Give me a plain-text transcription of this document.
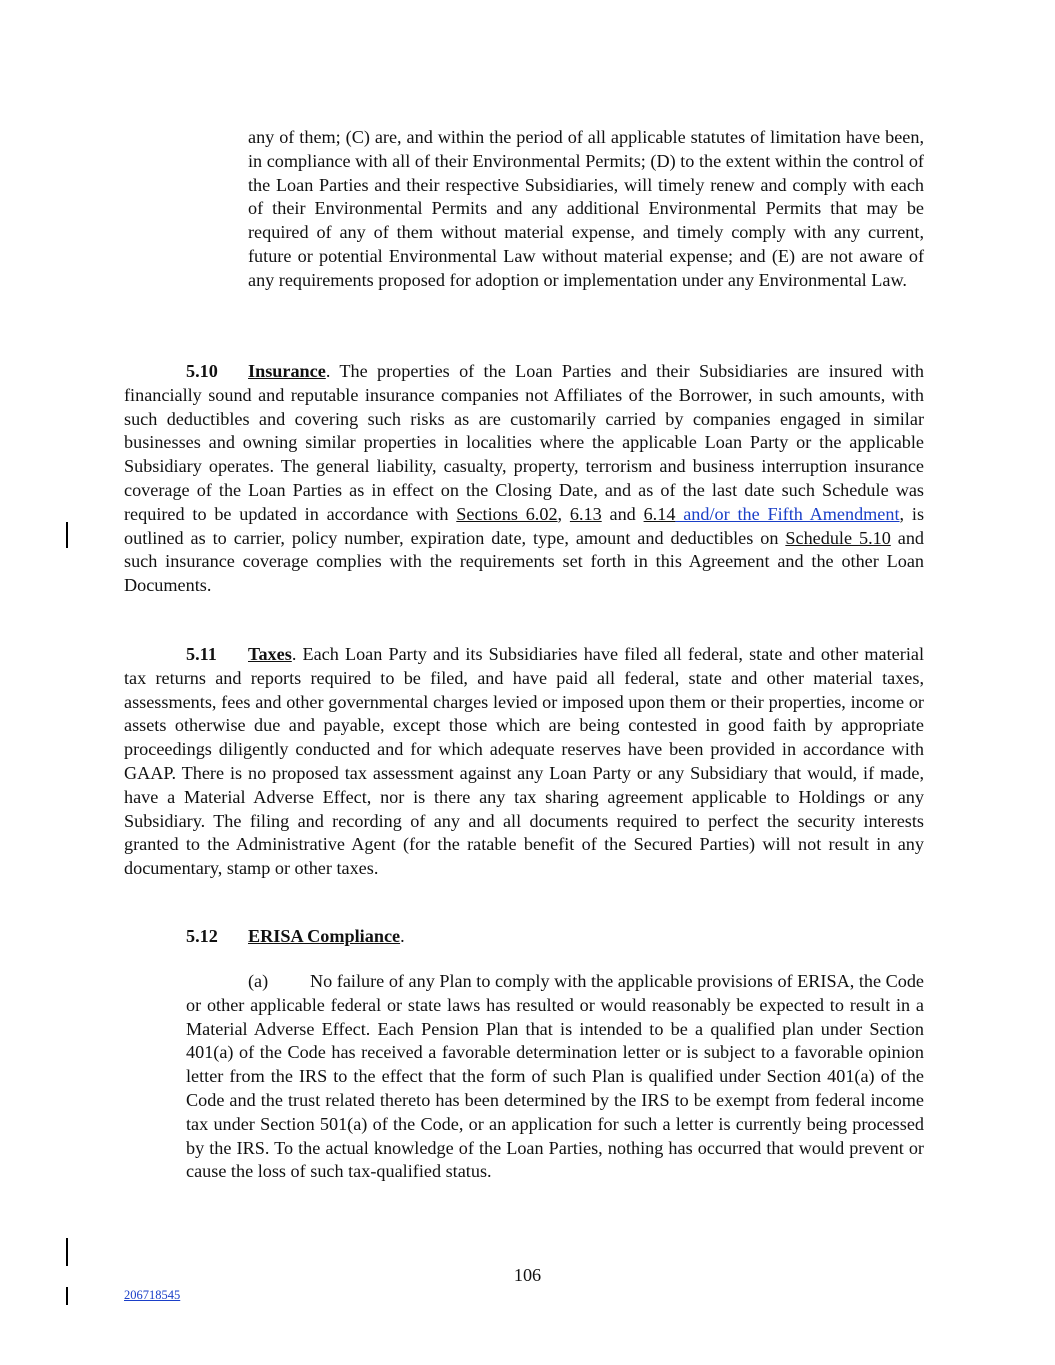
any of them; (C) are, and within the period of all applicable statutes of limitation have been, in compliance with all of their Environmental Permits; (D) to the extent within the control of the Loan Parties and their respective Subsidiaries, will timely renew and comply with each of their Environmental Permits and any additional Environmental Permits that may be required of any of them without material expense, and timely comply with any current, future or potential Environmental Law without material expense; and (E) are not aware of any requirements proposed for adoption or implementation under any Environmental Law.

5.10 Insurance. The properties of the Loan Parties and their Subsidiaries are insured with financially sound and reputable insurance companies not Affiliates of the Borrower, in such amounts, with such deductibles and covering such risks as are customarily carried by companies engaged in similar businesses and owning similar properties in localities where the applicable Loan Party or the applicable Subsidiary operates. The general liability, casualty, property, terrorism and business interruption insurance coverage of the Loan Parties as in effect on the Closing Date, and as of the last date such Schedule was required to be updated in accordance with Sections 6.02, 6.13 and 6.14 and/or the Fifth Amendment, is outlined as to carrier, policy number, expiration date, type, amount and deductibles on Schedule 5.10 and such insurance coverage complies with the requirements set forth in this Agreement and the other Loan Documents.

5.11 Taxes. Each Loan Party and its Subsidiaries have filed all federal, state and other material tax returns and reports required to be filed, and have paid all federal, state and other material taxes, assessments, fees and other governmental charges levied or imposed upon them or their properties, income or assets otherwise due and payable, except those which are being contested in good faith by appropriate proceedings diligently conducted and for which adequate reserves have been provided in accordance with GAAP. There is no proposed tax assessment against any Loan Party or any Subsidiary that would, if made, have a Material Adverse Effect, nor is there any tax sharing agreement applicable to Holdings or any Subsidiary. The filing and recording of any and all documents required to perfect the security interests granted to the Administrative Agent (for the ratable benefit of the Secured Parties) will not result in any documentary, stamp or other taxes.

5.12 ERISA Compliance.

(a) No failure of any Plan to comply with the applicable provisions of ERISA, the Code or other applicable federal or state laws has resulted or would reasonably be expected to result in a Material Adverse Effect. Each Pension Plan that is intended to be a qualified plan under Section 401(a) of the Code has received a favorable determination letter or is subject to a favorable opinion letter from the IRS to the effect that the form of such Plan is qualified under Section 401(a) of the Code and the trust related thereto has been determined by the IRS to be exempt from federal income tax under Section 501(a) of the Code, or an application for such a letter is currently being processed by the IRS. To the actual knowledge of the Loan Parties, nothing has occurred that would prevent or cause the loss of such tax-qualified status.

106
206718545
